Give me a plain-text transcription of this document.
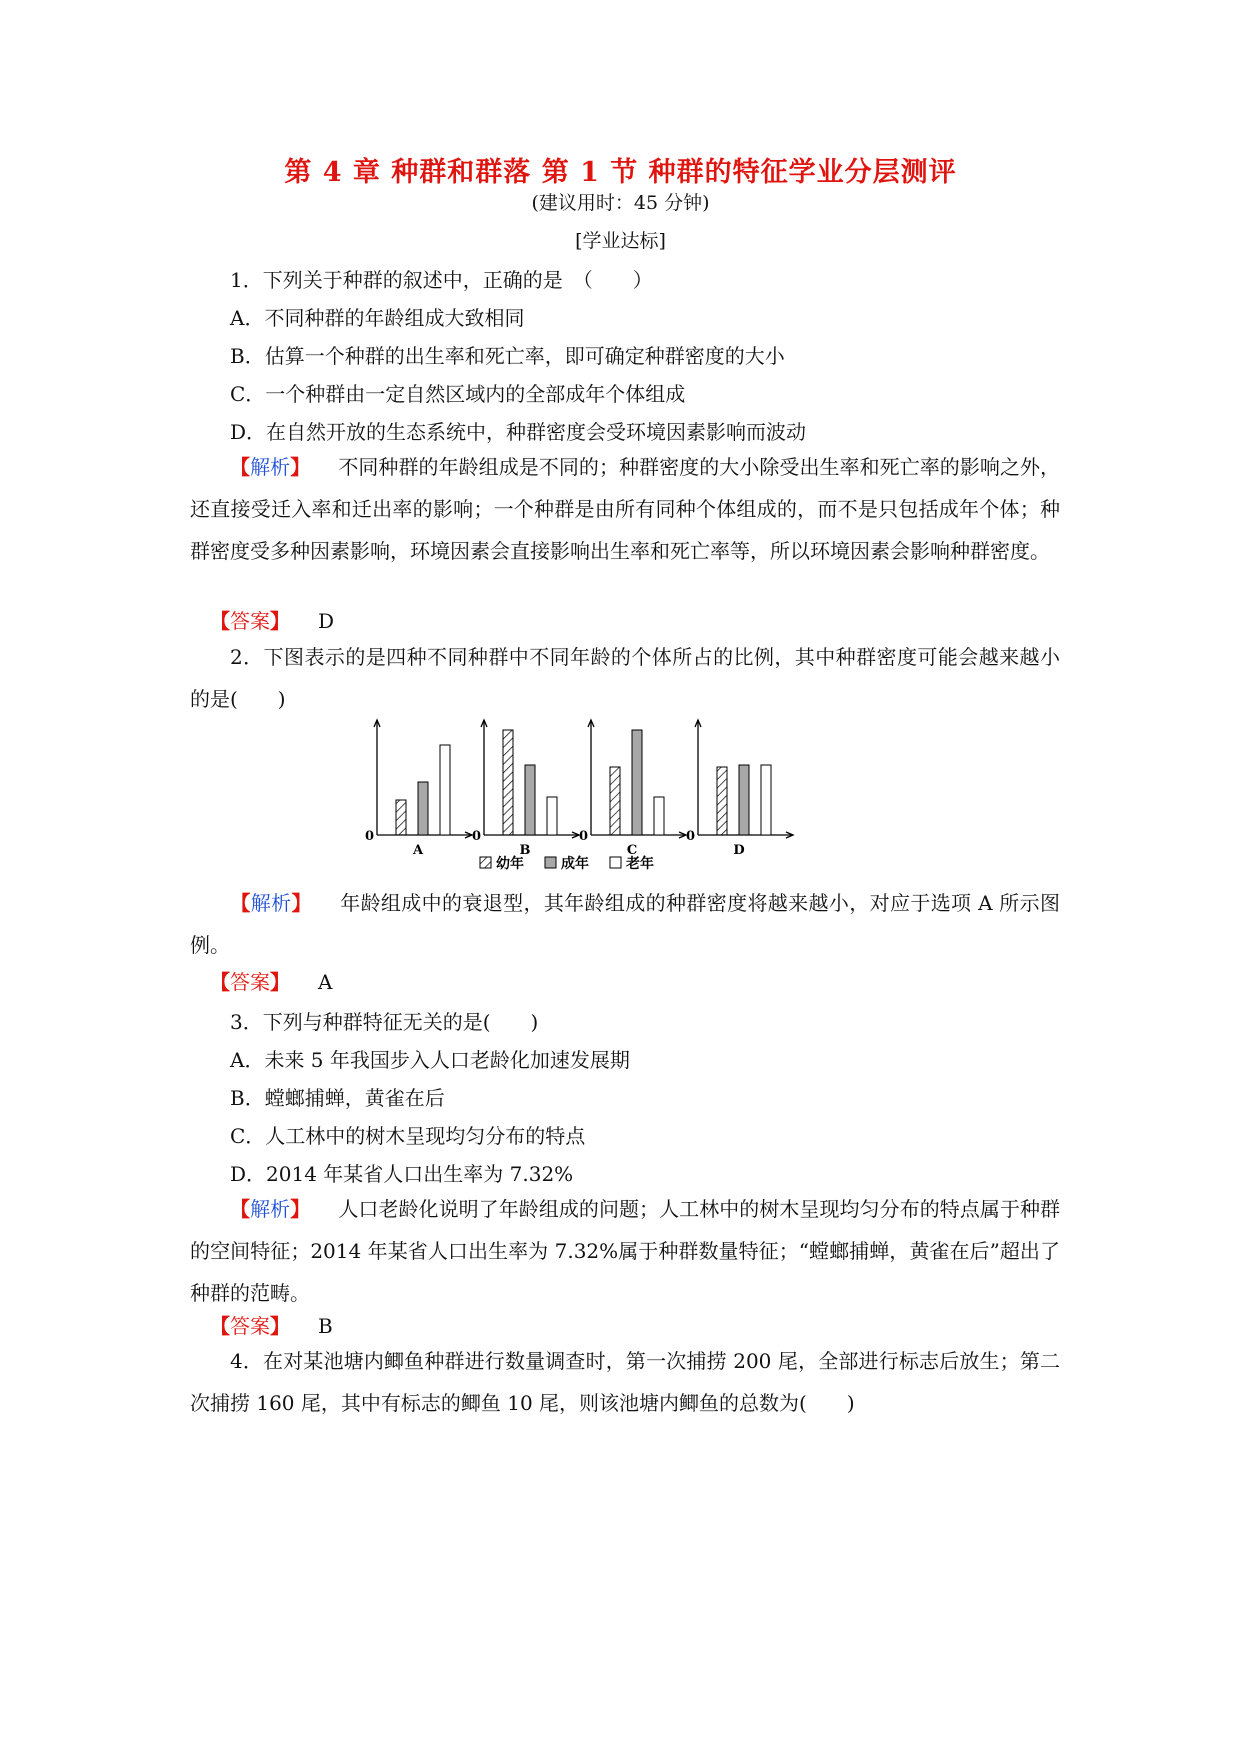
第 4 章 种群和群落 第 1 节 种群的特征学业分层测评
(建议用时：45 分钟)
[学业达标]
1．下列关于种群的叙述中，正确的是　（　　）
A．不同种群的年龄组成大致相同
B．估算一个种群的出生率和死亡率，即可确定种群密度的大小
C．一个种群由一定自然区域内的全部成年个体组成
D．在自然开放的生态系统中，种群密度会受环境因素影响而波动
【解析】 不同种群的年龄组成是不同的；种群密度的大小除受出生率和死亡率的影响之外，还直接受迁入率和迁出率的影响；一个种群是由所有同种个体组成的，而不是只包括成年个体；种群密度受多种因素影响，环境因素会直接影响出生率和死亡率等，所以环境因素会影响种群密度。
【答案】 D
2．下图表示的是四种不同种群中不同年龄的个体所占的比例，其中种群密度可能会越来越小的是(　　)
0
A
0
B
0
C
0
D
幼年	成年	老年
【解析】 年龄组成中的衰退型，其年龄组成的种群密度将越来越小，对应于选项 A 所示图例。
【答案】 A
3．下列与种群特征无关的是(　　)
A．未来 5 年我国步入人口老龄化加速发展期
B．螳螂捕蝉，黄雀在后
C．人工林中的树木呈现均匀分布的特点
D．2014 年某省人口出生率为 7.32%
【解析】 人口老龄化说明了年龄组成的问题；人工林中的树木呈现均匀分布的特点属于种群的空间特征；2014 年某省人口出生率为 7.32%属于种群数量特征；“螳螂捕蝉，黄雀在后”超出了种群的范畴。
【答案】 B
4．在对某池塘内鲫鱼种群进行数量调查时，第一次捕捞 200 尾，全部进行标志后放生；第二次捕捞 160 尾，其中有标志的鲫鱼 10 尾，则该池塘内鲫鱼的总数为(　　)
